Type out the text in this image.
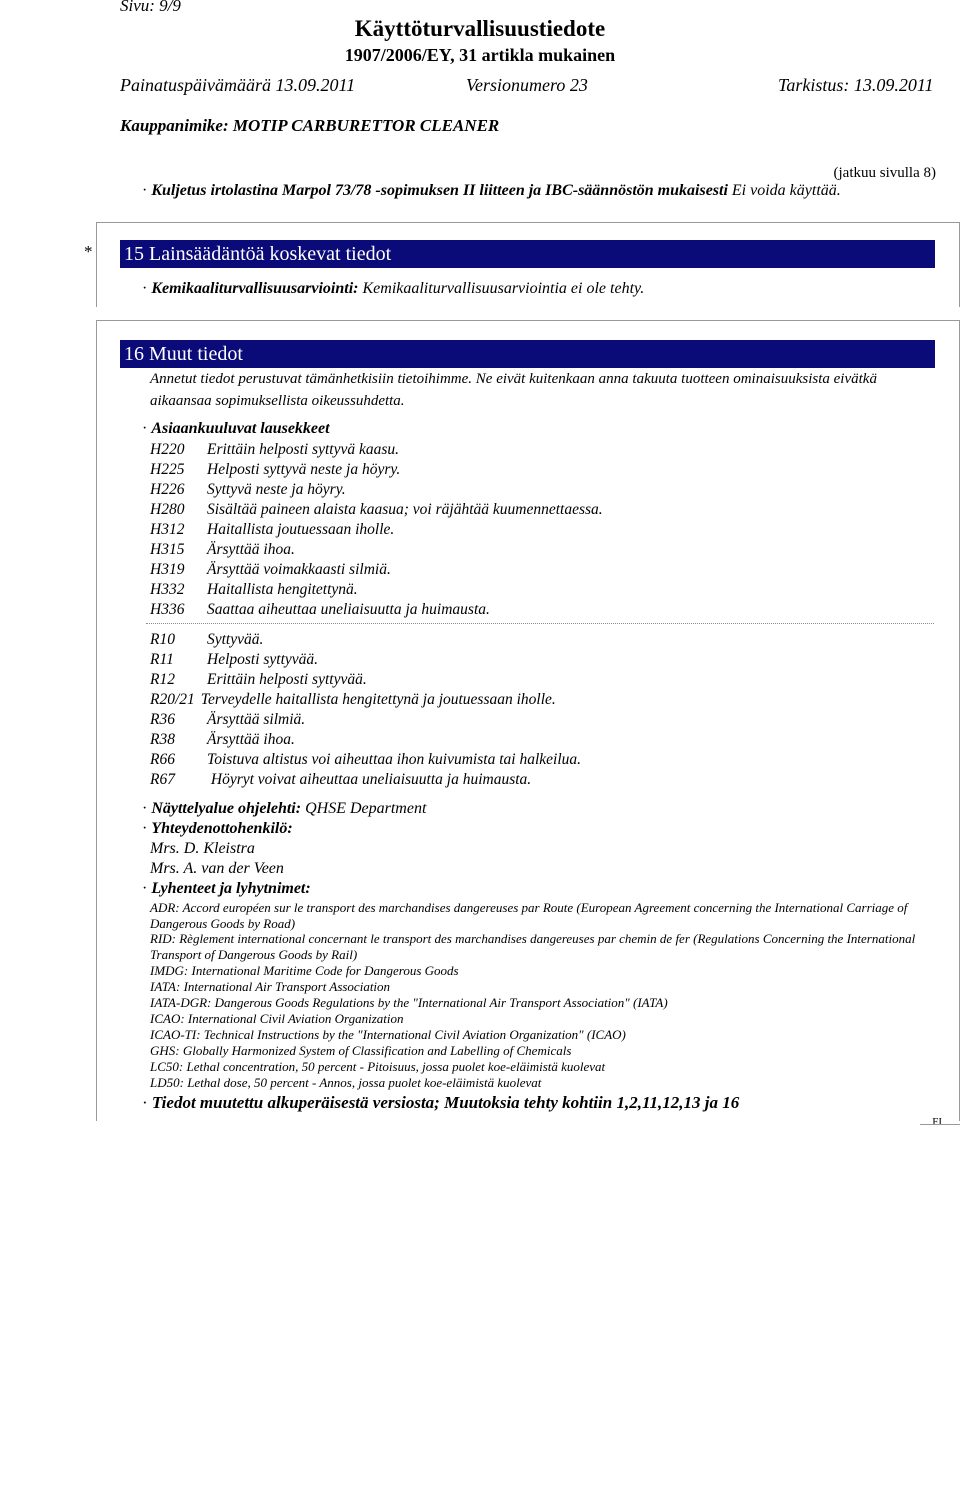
Sivu: 9/9
Käyttöturvallisuustiedote
1907/2006/EY, 31 artikla mukainen
Painatuspäivämäärä 13.09.2011	Versionumero 23	Tarkistus: 13.09.2011
Kauppanimike: MOTIP CARBURETTOR CLEANER
(jatkuu sivulla 8)
· Kuljetus irtolastina Marpol 73/78 -sopimuksen II liitteen ja IBC-säännöstön mukaisesti Ei voida käyttää.
* 15 Lainsäädäntöä koskevat tiedot
· Kemikaaliturvallisuusarviointi: Kemikaaliturvallisuusarviointia ei ole tehty.
16 Muut tiedot
Annetut tiedot perustuvat tämänhetkisiin tietoihimme. Ne eivät kuitenkaan anna takuuta tuotteen ominaisuuksista eivätkä aikaansaa sopimuksellista oikeussuhdetta.
· Asiaankuuluvat lausekkeet
H220 Erittäin helposti syttyvä kaasu.
H225 Helposti syttyvä neste ja höyry.
H226 Syttyvä neste ja höyry.
H280 Sisältää paineen alaista kaasua; voi räjähtää kuumennettaessa.
H312 Haitallista joutuessaan iholle.
H315 Ärsyttää ihoa.
H319 Ärsyttää voimakkaasti silmiä.
H332 Haitallista hengitettynä.
H336 Saattaa aiheuttaa uneliaisuutta ja huimausta.
R10 Syttyvää.
R11 Helposti syttyvää.
R12 Erittäin helposti syttyvää.
R20/21 Terveydelle haitallista hengitettynä ja joutuessaan iholle.
R36 Ärsyttää silmiä.
R38 Ärsyttää ihoa.
R66 Toistuva altistus voi aiheuttaa ihon kuivumista tai halkeilua.
R67 Höyryt voivat aiheuttaa uneliaisuutta ja huimausta.
· Näyttelyalue ohjelehti: QHSE Department
· Yhteydenottohenkilö:
Mrs. D. Kleistra
Mrs. A. van der Veen
· Lyhenteet ja lyhytnimet:
ADR: Accord européen sur le transport des marchandises dangereuses par Route (European Agreement concerning the International Carriage of Dangerous Goods by Road)
RID: Règlement international concernant le transport des marchandises dangereuses par chemin de fer (Regulations Concerning the International Transport of Dangerous Goods by Rail)
IMDG: International Maritime Code for Dangerous Goods
IATA: International Air Transport Association
IATA-DGR: Dangerous Goods Regulations by the "International Air Transport Association" (IATA)
ICAO: International Civil Aviation Organization
ICAO-TI: Technical Instructions by the "International Civil Aviation Organization" (ICAO)
GHS: Globally Harmonized System of Classification and Labelling of Chemicals
LC50: Lethal concentration, 50 percent - Pitoisuus, jossa puolet koe-eläimistä kuolevat
LD50: Lethal dose, 50 percent - Annos, jossa puolet koe-eläimistä kuolevat
· Tiedot muutettu alkuperäisestä versiosta; Muutoksia tehty kohtiin 1,2,11,12,13 ja 16
FI
